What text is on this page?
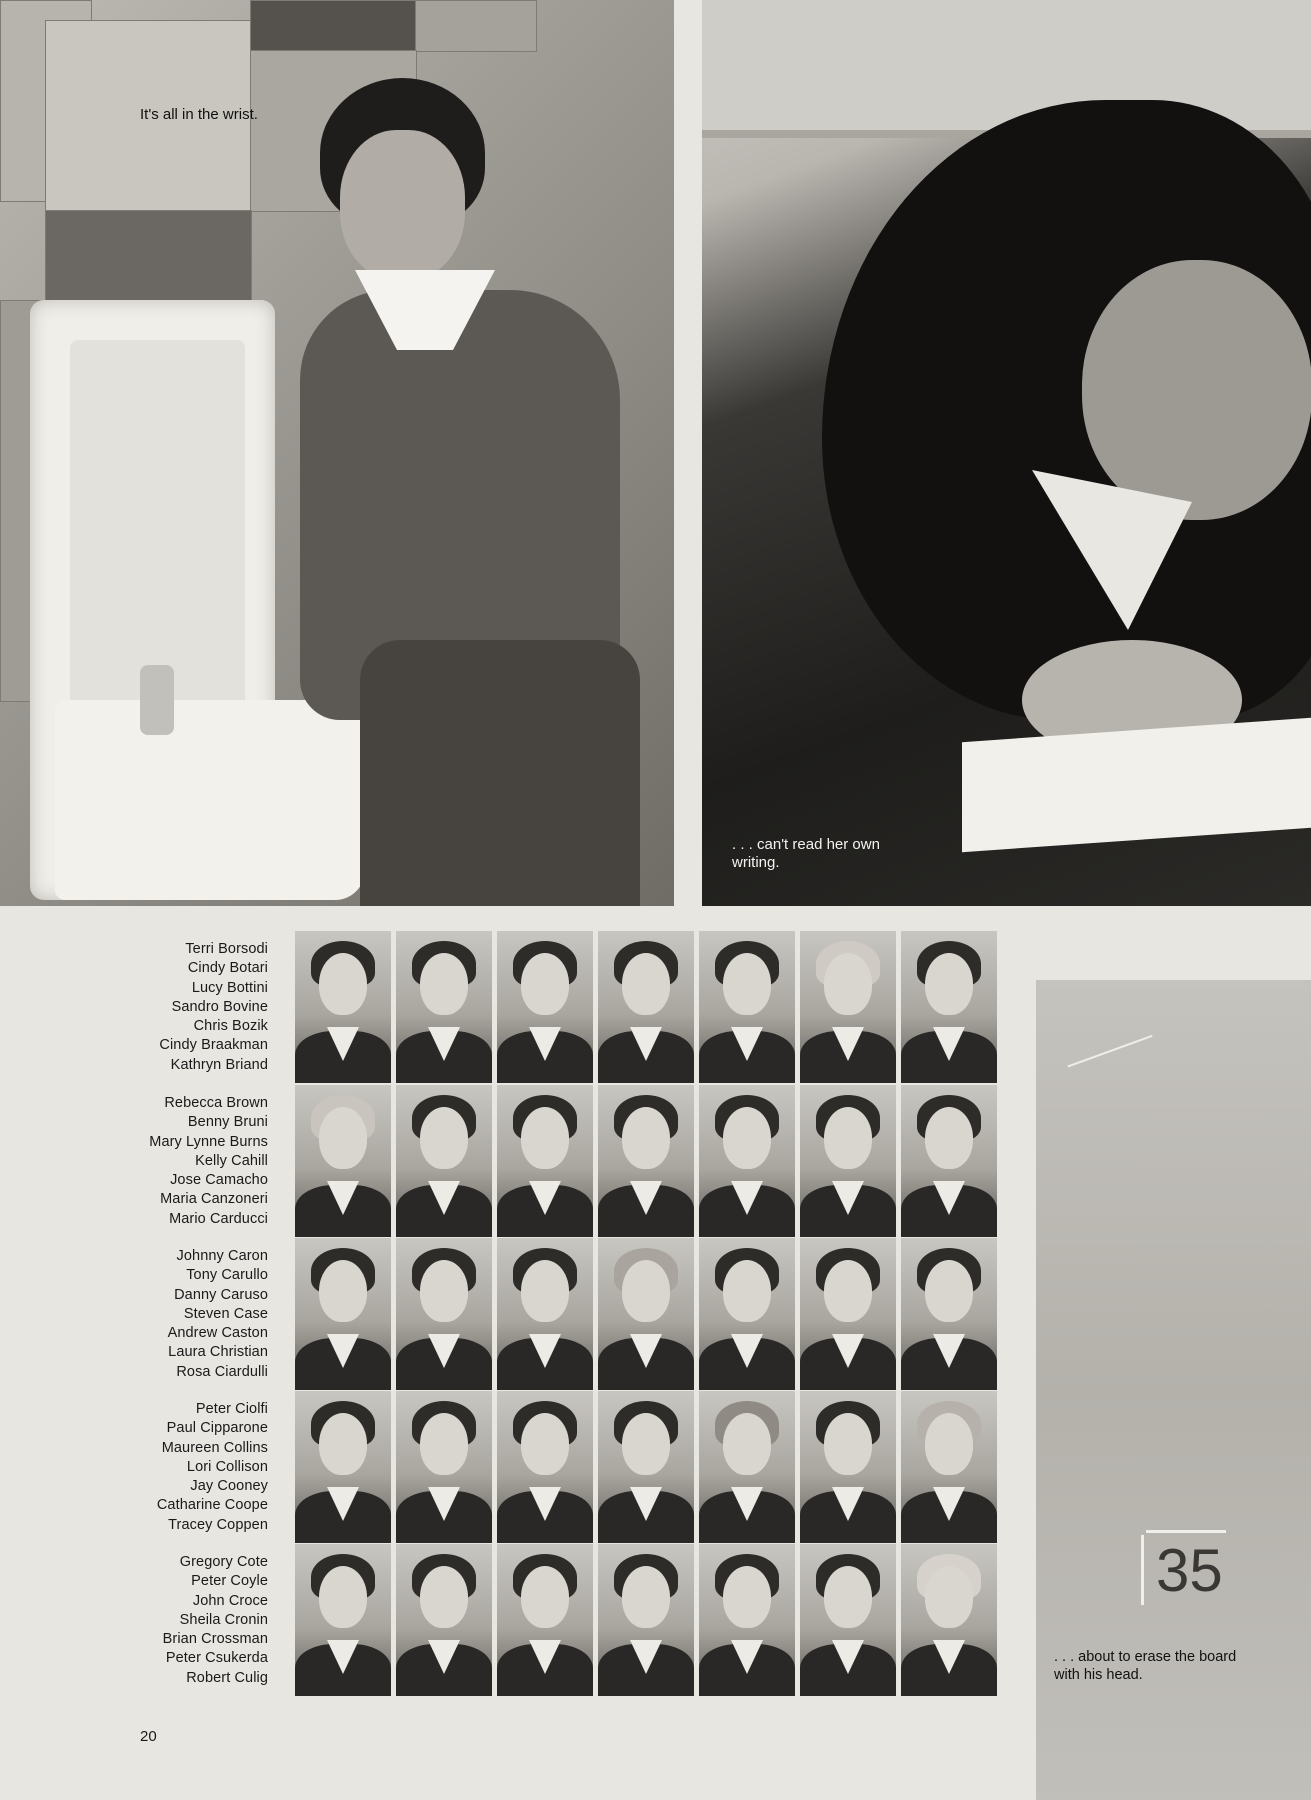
It's all in the wrist.
. . . can't read her own
writing.
35
. . . about to erase the board
with his head.
Terri Borsodi
Cindy Botari
Lucy Bottini
Sandro Bovine
Chris Bozik
Cindy Braakman
Kathryn Briand
Rebecca Brown
Benny Bruni
Mary Lynne Burns
Kelly Cahill
Jose Camacho
Maria Canzoneri
Mario Carducci
Johnny Caron
Tony Carullo
Danny Caruso
Steven Case
Andrew Caston
Laura Christian
Rosa Ciardulli
Peter Ciolfi
Paul Cipparone
Maureen Collins
Lori Collison
Jay Cooney
Catharine Coope
Tracey Coppen
Gregory Cote
Peter Coyle
John Croce
Sheila Cronin
Brian Crossman
Peter Csukerda
Robert Culig
20
